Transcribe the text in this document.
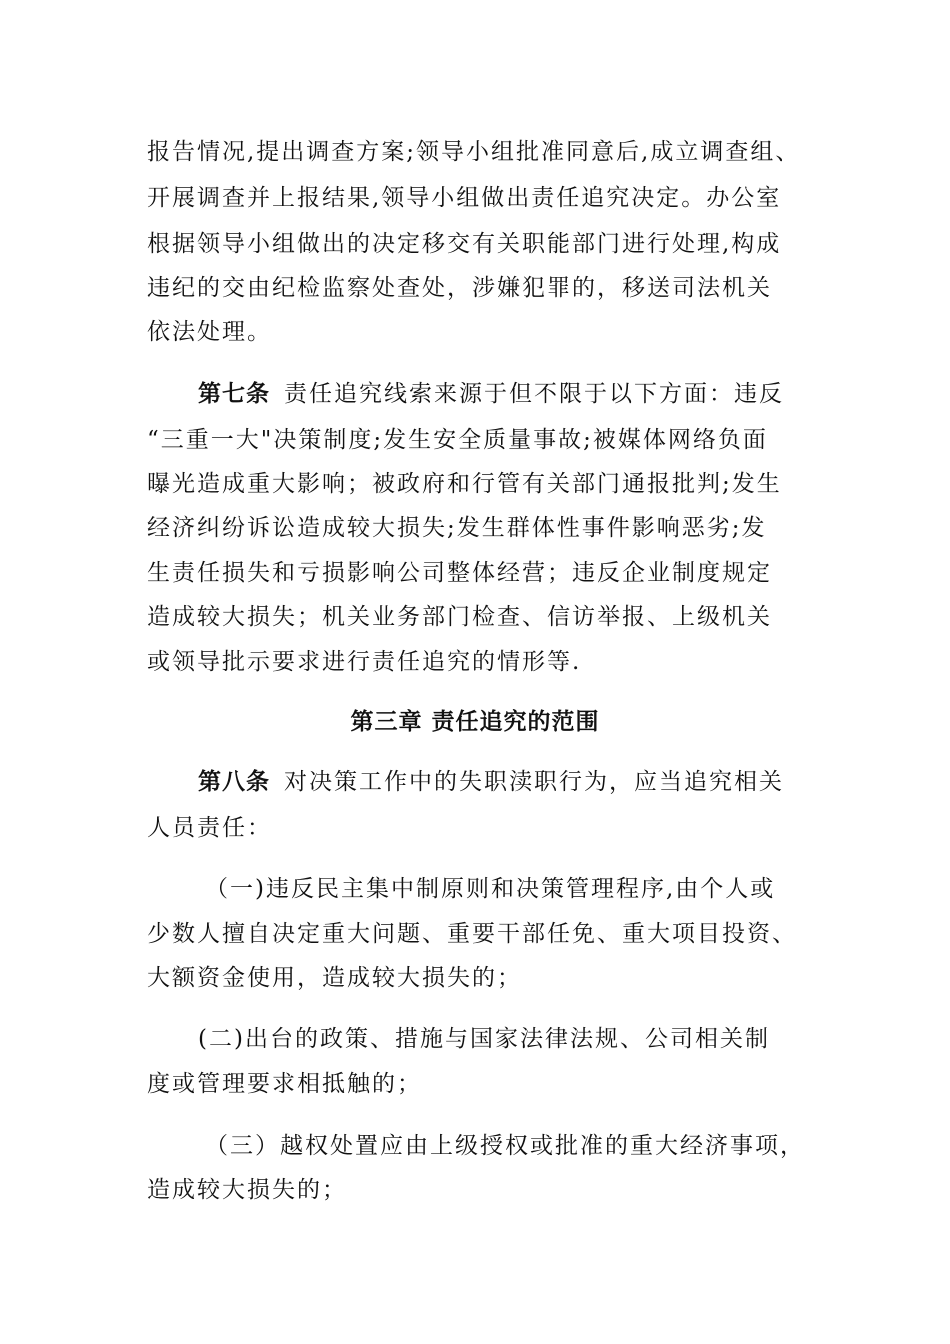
报告情况,提出调查方案;领导小组批准同意后,成立调查组、
开展调查并上报结果,领导小组做出责任追究决定。办公室
根据领导小组做出的决定移交有关职能部门进行处理,构成
违纪的交由纪检监察处查处，涉嫌犯罪的，移送司法机关
依法处理。
第七条 责任追究线索来源于但不限于以下方面：违反
“三重一大"决策制度;发生安全质量事故;被媒体网络负面
曝光造成重大影响；被政府和行管有关部门通报批判;发生
经济纠纷诉讼造成较大损失;发生群体性事件影响恶劣;发
生责任损失和亏损影响公司整体经营；违反企业制度规定
造成较大损失；机关业务部门检查、信访举报、上级机关
或领导批示要求进行责任追究的情形等.
第三章 责任追究的范围
第八条 对决策工作中的失职渎职行为，应当追究相关
人员责任：
（一)违反民主集中制原则和决策管理程序,由个人或
少数人擅自决定重大问题、重要干部任免、重大项目投资、
大额资金使用，造成较大损失的；
(二)出台的政策、措施与国家法律法规、公司相关制
度或管理要求相抵触的；
（三）越权处置应由上级授权或批准的重大经济事项，
造成较大损失的；
